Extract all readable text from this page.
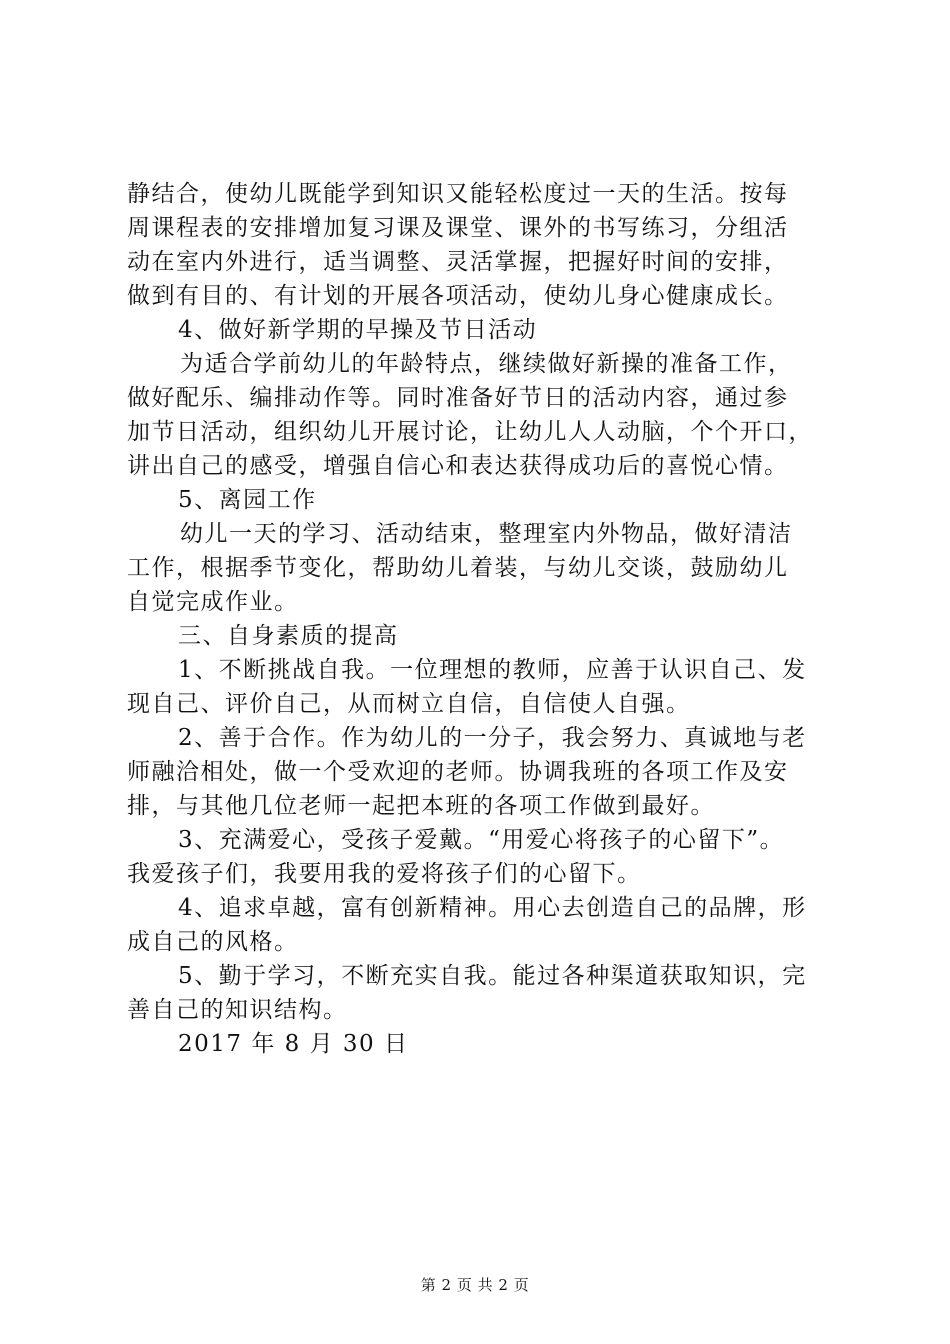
静结合，使幼儿既能学到知识又能轻松度过一天的生活。按每
周课程表的安排增加复习课及课堂、课外的书写练习，分组活
动在室内外进行，适当调整、灵活掌握，把握好时间的安排，
做到有目的、有计划的开展各项活动，使幼儿身心健康成长。
4、做好新学期的早操及节日活动
为适合学前幼儿的年龄特点，继续做好新操的准备工作，
做好配乐、编排动作等。同时准备好节日的活动内容，通过参
加节日活动，组织幼儿开展讨论，让幼儿人人动脑，个个开口，
讲出自己的感受，增强自信心和表达获得成功后的喜悦心情。
5、离园工作
幼儿一天的学习、活动结束，整理室内外物品，做好清洁
工作，根据季节变化，帮助幼儿着装，与幼儿交谈，鼓励幼儿
自觉完成作业。
三、自身素质的提高
1、不断挑战自我。一位理想的教师，应善于认识自己、发
现自己、评价自己，从而树立自信，自信使人自强。
2、善于合作。作为幼儿的一分子，我会努力、真诚地与老
师融洽相处，做一个受欢迎的老师。协调我班的各项工作及安
排，与其他几位老师一起把本班的各项工作做到最好。
3、充满爱心，受孩子爱戴。“用爱心将孩子的心留下”。
我爱孩子们，我要用我的爱将孩子们的心留下。
4、追求卓越，富有创新精神。用心去创造自己的品牌，形
成自己的风格。
5、勤于学习，不断充实自我。能过各种渠道获取知识，完
善自己的知识结构。
2017 年 8 月 30 日
第 2 页 共 2 页
